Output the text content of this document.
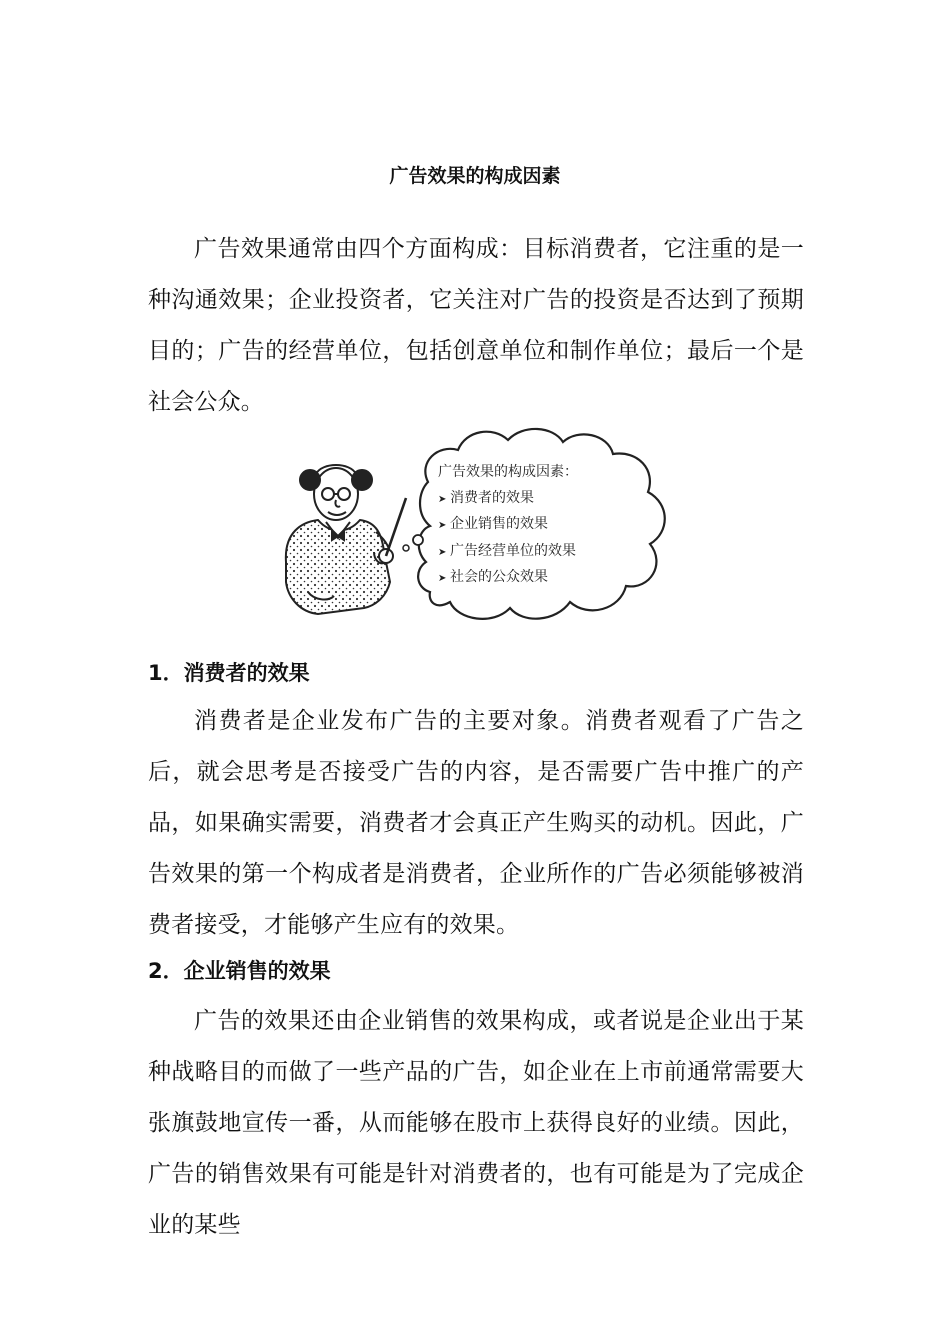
广告效果的构成因素

广告效果通常由四个方面构成：目标消费者，它注重的是一种沟通效果；企业投资者，它关注对广告的投资是否达到了预期目的；广告的经营单位，包括创意单位和制作单位；最后一个是社会公众。

广告效果的构成因素：
➤ 消费者的效果
➤ 企业销售的效果
➤ 广告经营单位的效果
➤ 社会的公众效果
1．消费者的效果

消费者是企业发布广告的主要对象。消费者观看了广告之后，就会思考是否接受广告的内容，是否需要广告中推广的产品，如果确实需要，消费者才会真正产生购买的动机。因此，广告效果的第一个构成者是消费者，企业所作的广告必须能够被消费者接受，才能够产生应有的效果。

2．企业销售的效果

广告的效果还由企业销售的效果构成，或者说是企业出于某种战略目的而做了一些产品的广告，如企业在上市前通常需要大张旗鼓地宣传一番，从而能够在股市上获得良好的业绩。因此，广告的销售效果有可能是针对消费者的，也有可能是为了完成企业的某些
